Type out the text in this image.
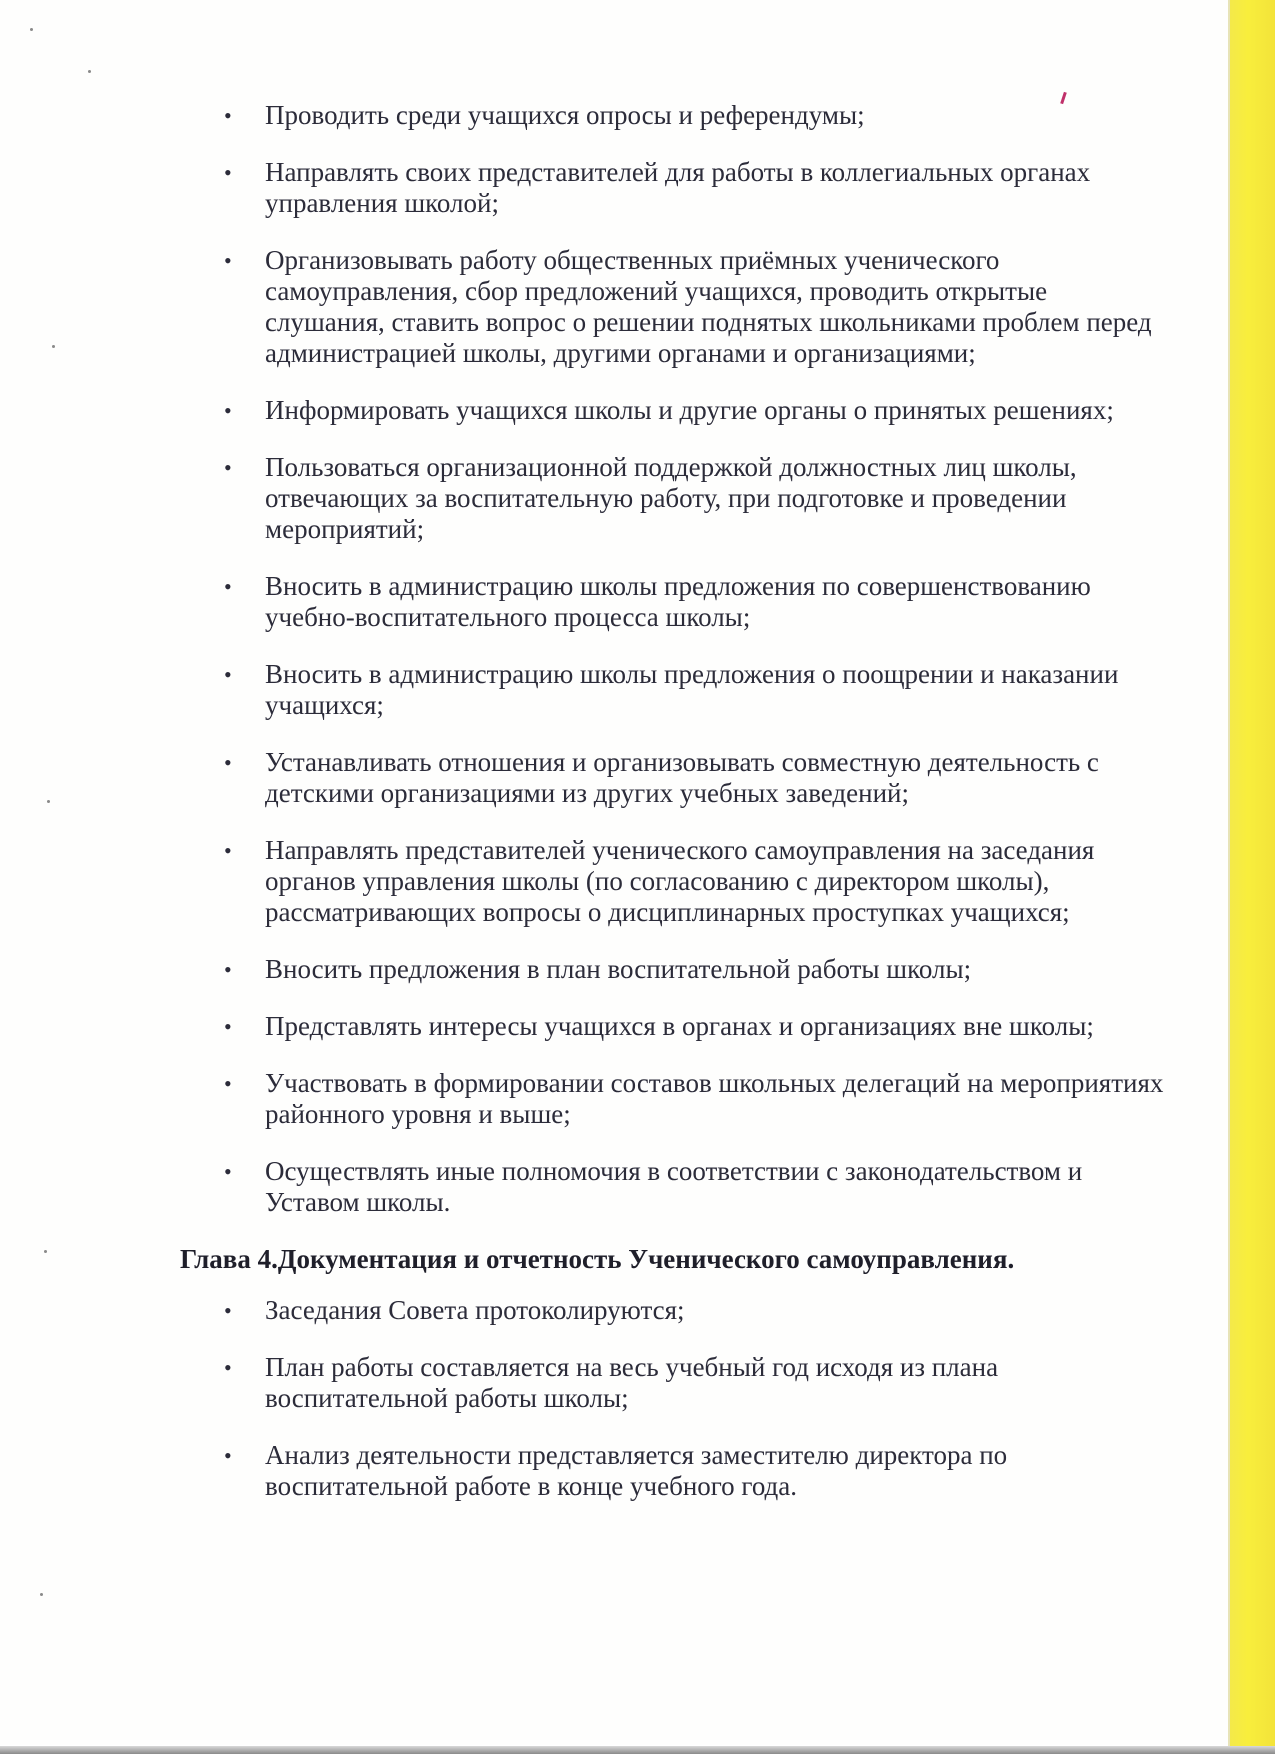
• Проводить среди учащихся опросы и референдумы;
• Направлять своих представителей для работы в коллегиальных органах управления школой;
• Организовывать работу общественных приёмных ученического самоуправления, сбор предложений учащихся, проводить открытые слушания, ставить вопрос о решении поднятых школьниками проблем перед администрацией школы, другими органами и организациями;
• Информировать учащихся школы и другие органы о принятых решениях;
• Пользоваться организационной поддержкой должностных лиц школы, отвечающих за воспитательную работу, при подготовке и проведении мероприятий;
• Вносить в администрацию школы предложения по совершенствованию учебно-воспитательного процесса школы;
• Вносить в администрацию школы предложения о поощрении и наказании учащихся;
• Устанавливать отношения и организовывать совместную деятельность с детскими организациями из других учебных заведений;
• Направлять представителей ученического самоуправления на заседания органов управления школы (по согласованию с директором школы), рассматривающих вопросы о дисциплинарных проступках учащихся;
• Вносить предложения в план воспитательной работы школы;
• Представлять интересы учащихся в органах и организациях вне школы;
• Участвовать в формировании составов школьных делегаций на мероприятиях районного уровня и выше;
• Осуществлять иные полномочия в соответствии с законодательством и Уставом школы.
Глава 4.Документация и отчетность Ученического самоуправления.
• Заседания Совета протоколируются;
• План работы составляется на весь учебный год исходя из плана воспитательной работы школы;
• Анализ деятельности представляется заместителю директора по воспитательной работе в конце учебного года.
